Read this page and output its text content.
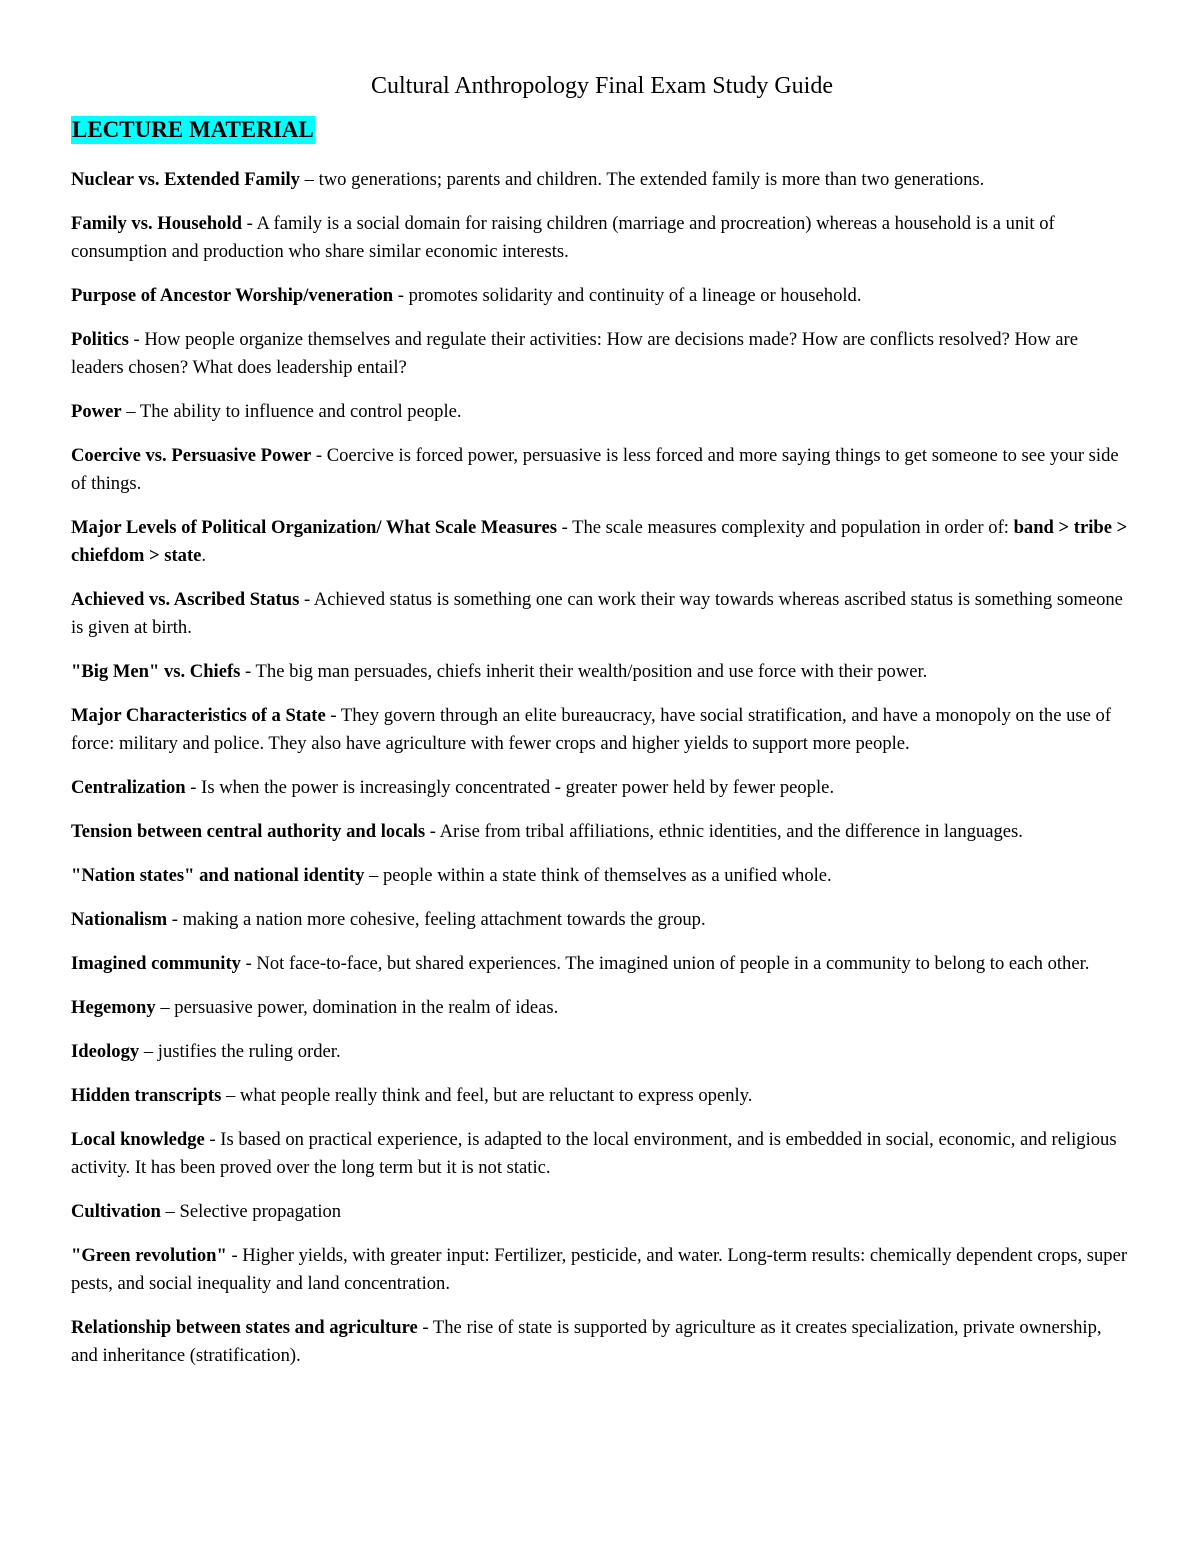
Cultural Anthropology Final Exam Study Guide
LECTURE MATERIAL

Nuclear vs. Extended Family – two generations; parents and children. The extended family is more than two generations.

Family vs. Household - A family is a social domain for raising children (marriage and procreation) whereas a household is a unit of consumption and production who share similar economic interests.

Purpose of Ancestor Worship/veneration - promotes solidarity and continuity of a lineage or household.

Politics - How people organize themselves and regulate their activities: How are decisions made? How are conflicts resolved? How are leaders chosen? What does leadership entail?

Power – The ability to influence and control people.

Coercive vs. Persuasive Power - Coercive is forced power, persuasive is less forced and more saying things to get someone to see your side of things.

Major Levels of Political Organization/ What Scale Measures - The scale measures complexity and population in order of: band > tribe > chiefdom > state.

Achieved vs. Ascribed Status - Achieved status is something one can work their way towards whereas ascribed status is something someone is given at birth.

"Big Men" vs. Chiefs - The big man persuades, chiefs inherit their wealth/position and use force with their power.

Major Characteristics of a State - They govern through an elite bureaucracy, have social stratification, and have a monopoly on the use of force: military and police. They also have agriculture with fewer crops and higher yields to support more people.

Centralization - Is when the power is increasingly concentrated - greater power held by fewer people.

Tension between central authority and locals - Arise from tribal affiliations, ethnic identities, and the difference in languages.

"Nation states" and national identity – people within a state think of themselves as a unified whole.

Nationalism - making a nation more cohesive, feeling attachment towards the group.

Imagined community - Not face-to-face, but shared experiences. The imagined union of people in a community to belong to each other.

Hegemony – persuasive power, domination in the realm of ideas.

Ideology – justifies the ruling order.

Hidden transcripts – what people really think and feel, but are reluctant to express openly.

Local knowledge - Is based on practical experience, is adapted to the local environment, and is embedded in social, economic, and religious activity. It has been proved over the long term but it is not static.

Cultivation – Selective propagation

"Green revolution" - Higher yields, with greater input: Fertilizer, pesticide, and water. Long-term results: chemically dependent crops, super pests, and social inequality and land concentration.

Relationship between states and agriculture - The rise of state is supported by agriculture as it creates specialization, private ownership, and inheritance (stratification).
